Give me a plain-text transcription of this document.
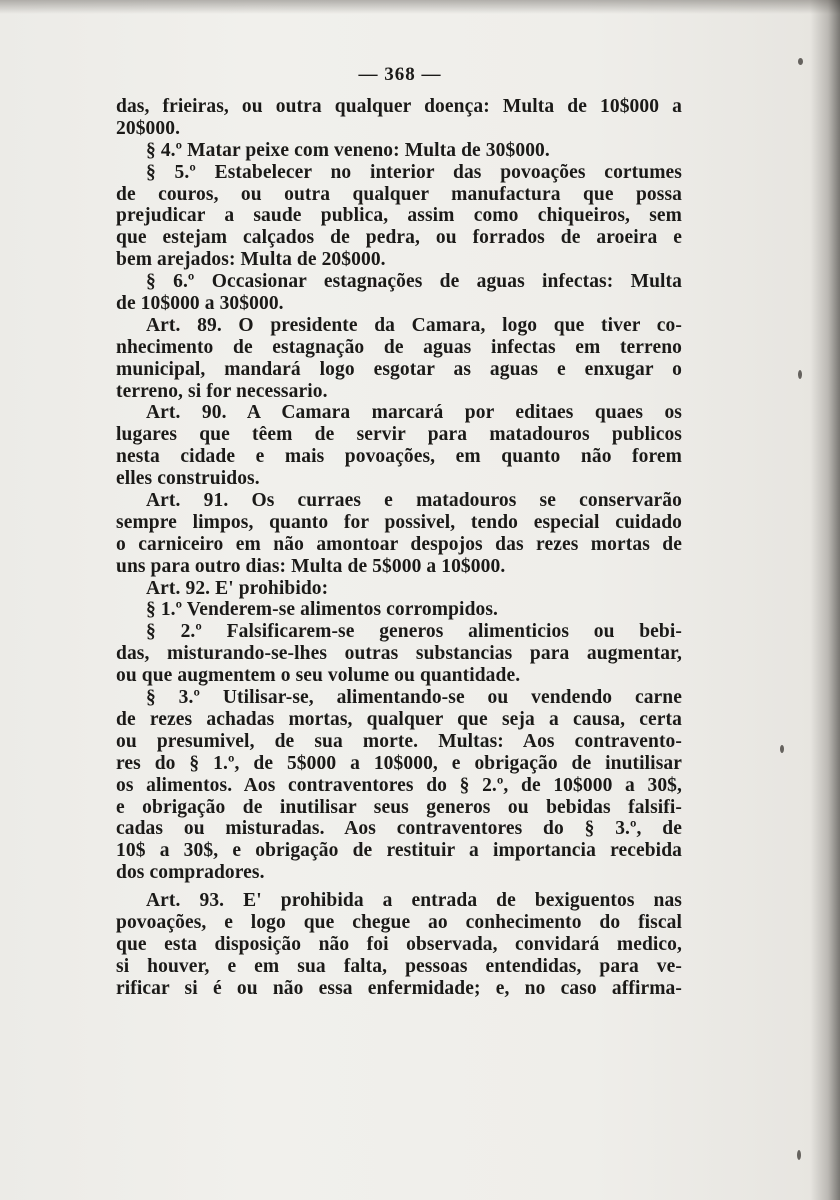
— 368 —
das, frieiras, ou outra qualquer doença: Multa de 10$000 a
20$000.
§ 4.º Matar peixe com veneno: Multa de 30$000.
§ 5.º Estabelecer no interior das povoações cortumes
de couros, ou outra qualquer manufactura que possa
prejudicar a saude publica, assim como chiqueiros, sem
que estejam calçados de pedra, ou forrados de aroeira e
bem arejados: Multa de 20$000.
§ 6.º Occasionar estagnações de aguas infectas: Multa
de 10$000 a 30$000.
Art. 89. O presidente da Camara, logo que tiver co-
nhecimento de estagnação de aguas infectas em terreno
municipal, mandará logo esgotar as aguas e enxugar o
terreno, si for necessario.
Art. 90. A Camara marcará por editaes quaes os
lugares que têem de servir para matadouros publicos
nesta cidade e mais povoações, em quanto não forem
elles construidos.
Art. 91. Os curraes e matadouros se conservarão
sempre limpos, quanto for possivel, tendo especial cuidado
o carniceiro em não amontoar despojos das rezes mortas de
uns para outro dias: Multa de 5$000 a 10$000.
Art. 92. E' prohibido:
§ 1.º Venderem-se alimentos corrompidos.
§ 2.º Falsificarem-se generos alimenticios ou bebi-
das, misturando-se-lhes outras substancias para augmentar,
ou que augmentem o seu volume ou quantidade.
§ 3.º Utilisar-se, alimentando-se ou vendendo carne
de rezes achadas mortas, qualquer que seja a causa, certa
ou presumivel, de sua morte. Multas: Aos contravento-
res do § 1.º, de 5$000 a 10$000, e obrigação de inutilisar
os alimentos. Aos contraventores do § 2.º, de 10$000 a 30$,
e obrigação de inutilisar seus generos ou bebidas falsifi-
cadas ou misturadas. Aos contraventores do § 3.º, de
10$ a 30$, e obrigação de restituir a importancia recebida
dos compradores.
Art. 93. E' prohibida a entrada de bexiguentos nas
povoações, e logo que chegue ao conhecimento do fiscal
que esta disposição não foi observada, convidará medico,
si houver, e em sua falta, pessoas entendidas, para ve-
rificar si é ou não essa enfermidade; e, no caso affirma-
